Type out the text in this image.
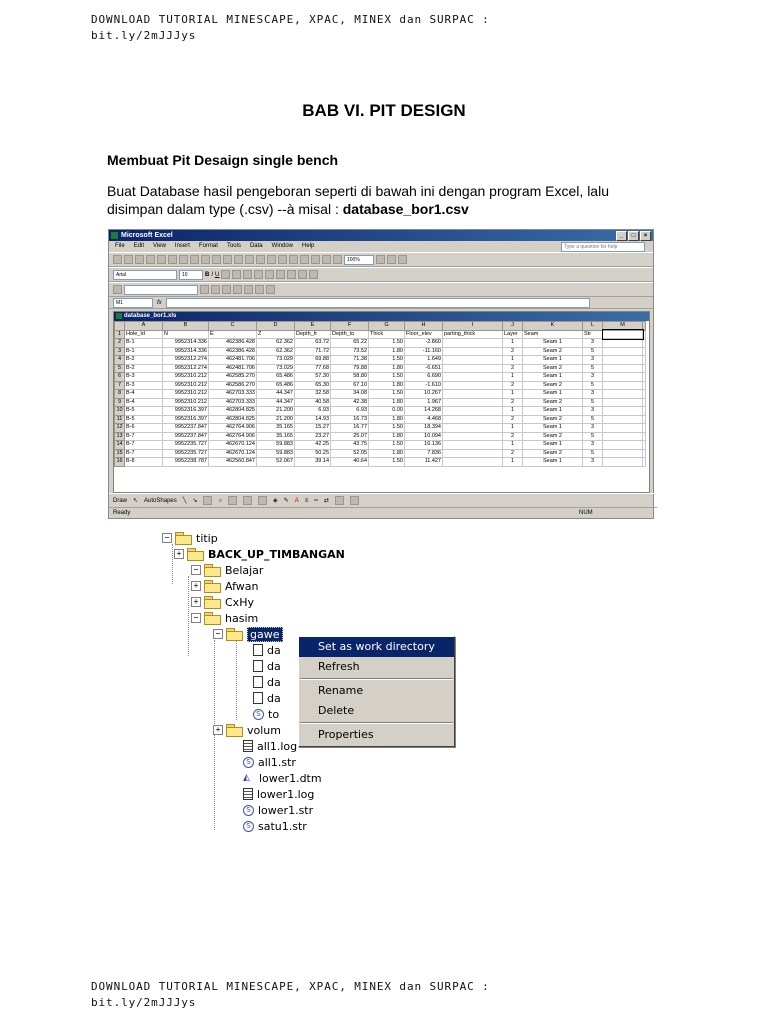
DOWNLOAD TUTORIAL MINESCAPE, XPAC, MINEX dan SURPAC :
bit.ly/2mJJJys
BAB VI. PIT DESIGN
Membuat Pit Desaign single bench
Buat Database hasil pengeboran seperti di bawah ini dengan program Excel, lalu disimpan dalam type (.csv) --à misal : database_bor1.csv
Microsoft Excel	_	□	×
File Edit View Insert Format Tools Data Window Help	Type a question for help
100%
Arial	10	B I U
M1	fx
database_bor1.xls
	A	B	C	D	E	F	G	H	I	J	K	L	M	
1	Hole_Id	N	E	Z	Depth_fr	Depth_to	Thick	Floor_elev	parting_thick	Layer	Seam	Str		
2	B-1	9952314.336	462386.428	62.362	63.72	65.22	1.50	-2.860		1	Seam 1	3		
3	B-1	9952314.336	462386.428	62.362	71.72	73.52	1.80	-11.160		2	Seam 2	5		
4	B-2	9952312.274	462481.706	73.029	69.88	71.38	1.50	1.649		1	Seam 1	3		
5	B-2	9952312.274	462481.706	73.029	77.68	79.88	1.80	-6.651		2	Seam 2	5		
6	B-3	9952310.212	462585.270	65.486	57.30	58.80	1.50	6.690		1	Seam 1	3		
7	B-3	9952310.212	462586.270	65.486	65.30	67.10	1.80	-1.610		2	Seam 2	5		
8	B-4	9952310.212	462703.333	44.347	32.58	34.08	1.50	10.267		1	Seam 1	3		
9	B-4	9952310.212	462703.333	44.347	40.58	42.38	1.80	1.967		2	Seam 2	5		
10	B-5	9952316.397	462804.825	21.200	6.93	6.93	0.00	14.268		1	Seam 1	3		
11	B-5	9952316.397	462804.825	21.200	14.93	16.73	1.80	4.468		2	Seam 2	5		
12	B-6	9952237.847	462764.906	35.165	15.27	16.77	1.50	18.394		1	Seam 1	3		
13	B-7	9952237.847	462764.906	35.165	23.27	25.07	1.80	10.094		2	Seam 2	5		
14	B-7	9952235.727	462670.124	59.883	42.25	43.75	1.50	16.136		1	Seam 1	3		
15	B-7	9952235.727	462670.124	59.883	50.25	52.05	1.80	7.836		2	Seam 2	5		
16	B-8	9952238.787	462560.847	52.067	39.14	40.64	1.50	11.427		1	Seam 1	3		
Draw ↖ AutoShapes ╲ ↘	○	◈ ✎ A ≡ ┅ ⇄
Ready	NUM
− titip
+ BACK_UP_TIMBANGAN
− Belajar
+ Afwan
+ CxHy
− hasim
−	gawe
da
da
da
da
S to
+ volum
all1.log
S all1.str
◭ lower1.dtm
lower1.log
S lower1.str
S satu1.str
Set as work directory
Refresh
Rename
Delete
Properties
DOWNLOAD TUTORIAL MINESCAPE, XPAC, MINEX dan SURPAC :
bit.ly/2mJJJys
